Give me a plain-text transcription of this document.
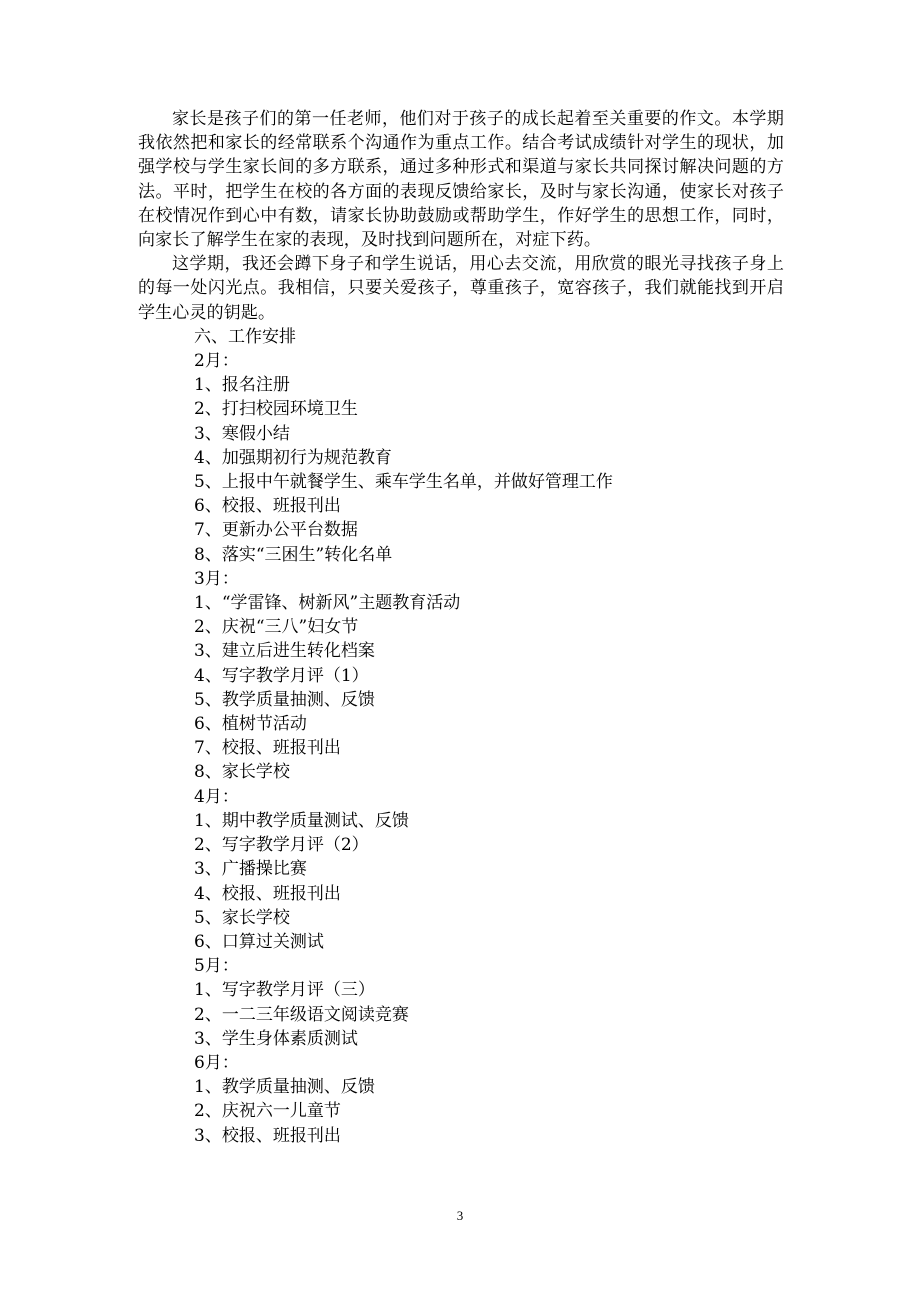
家长是孩子们的第一任老师，他们对于孩子的成长起着至关重要的作文。本学期我依然把和家长的经常联系个沟通作为重点工作。结合考试成绩针对学生的现状，加强学校与学生家长间的多方联系，通过多种形式和渠道与家长共同探讨解决问题的方法。平时，把学生在校的各方面的表现反馈给家长，及时与家长沟通，使家长对孩子在校情况作到心中有数，请家长协助鼓励或帮助学生，作好学生的思想工作，同时，向家长了解学生在家的表现，及时找到问题所在，对症下药。

这学期，我还会蹲下身子和学生说话，用心去交流，用欣赏的眼光寻找孩子身上的每一处闪光点。我相信，只要关爱孩子，尊重孩子，宽容孩子，我们就能找到开启学生心灵的钥匙。

六、工作安排

2月：

1、报名注册

2、打扫校园环境卫生

3、寒假小结

4、加强期初行为规范教育

5、上报中午就餐学生、乘车学生名单，并做好管理工作

6、校报、班报刊出

7、更新办公平台数据

8、落实“三困生”转化名单

3月：

1、“学雷锋、树新风”主题教育活动

2、庆祝“三八”妇女节

3、建立后进生转化档案

4、写字教学月评（1）

5、教学质量抽测、反馈

6、植树节活动

7、校报、班报刊出

8、家长学校

4月：

1、期中教学质量测试、反馈

2、写字教学月评（2）

3、广播操比赛

4、校报、班报刊出

5、家长学校

6、口算过关测试

5月：

1、写字教学月评（三）

2、一二三年级语文阅读竞赛

3、学生身体素质测试

6月：

1、教学质量抽测、反馈

2、庆祝六一儿童节

3、校报、班报刊出

3
